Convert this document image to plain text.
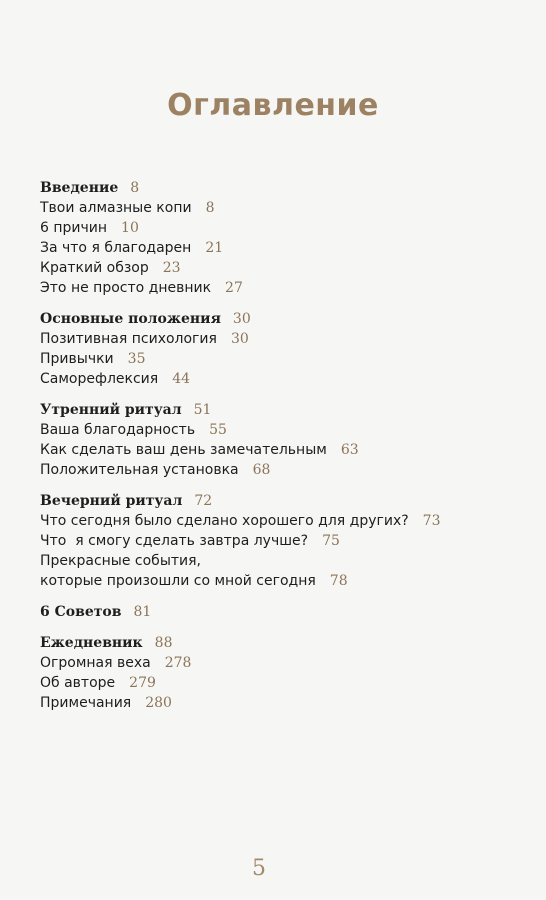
Оглавление
Введение 8
Твои алмазные копи 8
6 причин 10
За что я благодарен 21
Краткий обзор 23
Это не просто дневник 27
Основные положения 30
Позитивная психология 30
Привычки 35
Саморефлексия 44
Утренний ритуал 51
Ваша благодарность 55
Как сделать ваш день замечательным 63
Положительная установка 68
Вечерний ритуал 72
Что сегодня было сделано хорошего для других? 73
Что  я смогу сделать завтра лучше? 75
Прекрасные события,
которые произошли со мной сегодня 78
6 Советов 81
Ежедневник 88
Огромная веха 278
Об авторе 279
Примечания 280
5
